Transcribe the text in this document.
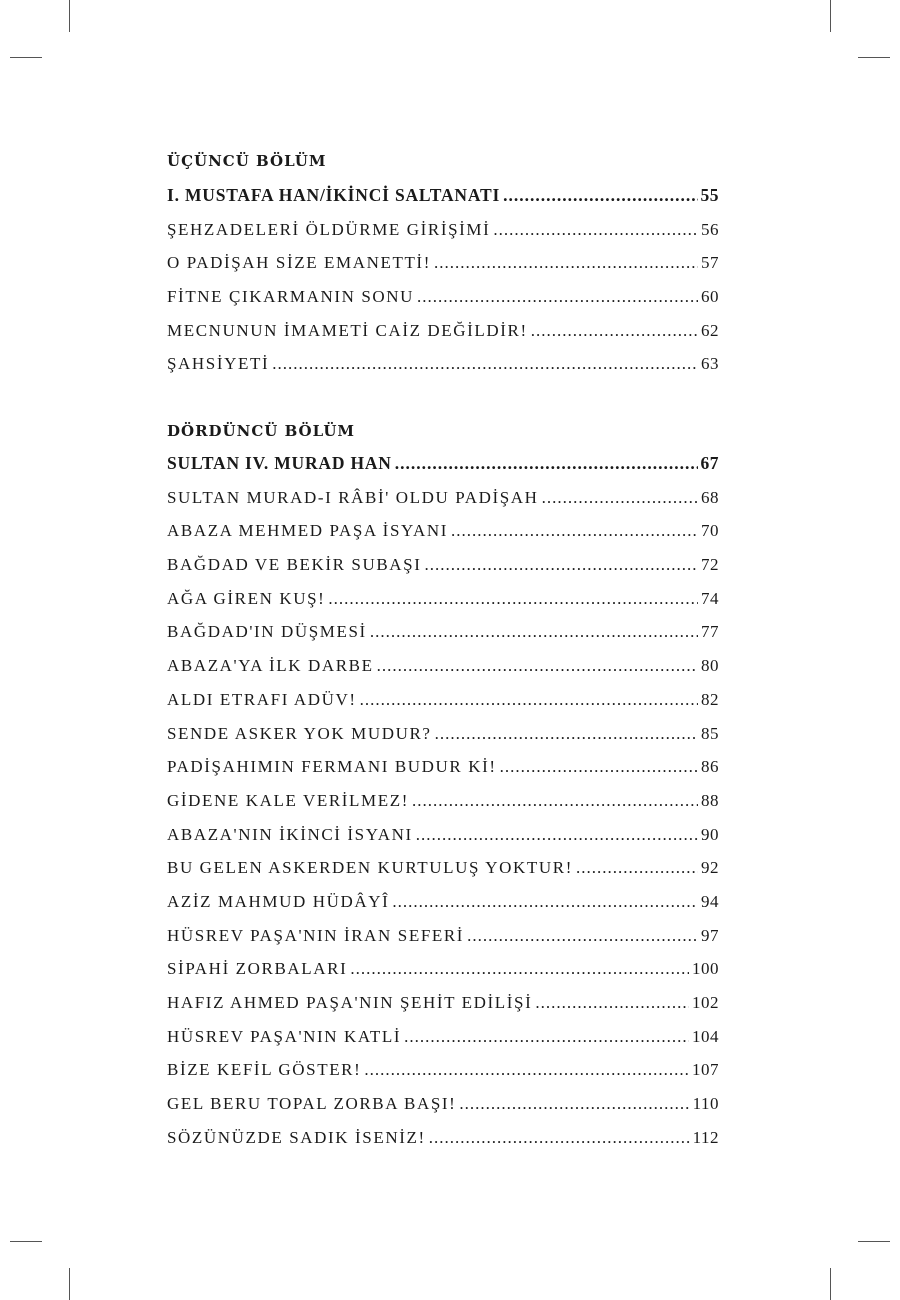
ÜÇÜNCÜ BÖLÜM
I. MUSTAFA HAN/İKİNCİ SALTANATI .....	55
ŞEHZADELERİ ÖLDÜRME GİRİŞİMİ .....	56
O PADİŞAH SİZE EMANETTİ! .....	57
FİTNE ÇIKARMANIN SONU .....	60
MECNUNUN İMAMETİ CAİZ DEĞİLDİR! .....	62
ŞAHSİYETİ .....	63
DÖRDÜNCÜ BÖLÜM
SULTAN IV. MURAD HAN .....	67
SULTAN MURAD-I RÂBİ' OLDU PADİŞAH .....	68
ABAZA MEHMED PAŞA İSYANI .....	70
BAĞDAD VE BEKİR SUBAŞI .....	72
AĞA GİREN KUŞ! .....	74
BAĞDAD'IN DÜŞMESİ .....	77
ABAZA'YA İLK DARBE .....	80
ALDI ETRAFI ADÜV! .....	82
SENDE ASKER YOK MUDUR? .....	85
PADİŞAHIMIN FERMANI BUDUR Kİ! .....	86
GİDENE KALE VERİLMEZ! .....	88
ABAZA'NIN İKİNCİ İSYANI .....	90
BU GELEN ASKERDEN KURTULUŞ YOKTUR! .....	92
AZİZ MAHMUD HÜDÂYÎ .....	94
HÜSREV PAŞA'NIN İRAN SEFERİ .....	97
SİPAHİ ZORBALARI .....	100
HAFIZ AHMED PAŞA'NIN ŞEHİT EDİLİŞİ .....	102
HÜSREV PAŞA'NIN KATLİ .....	104
BİZE KEFİL GÖSTER! .....	107
GEL BERU TOPAL ZORBA BAŞI! .....	110
SÖZÜNÜZDE SADIK İSENİZ! .....	112
